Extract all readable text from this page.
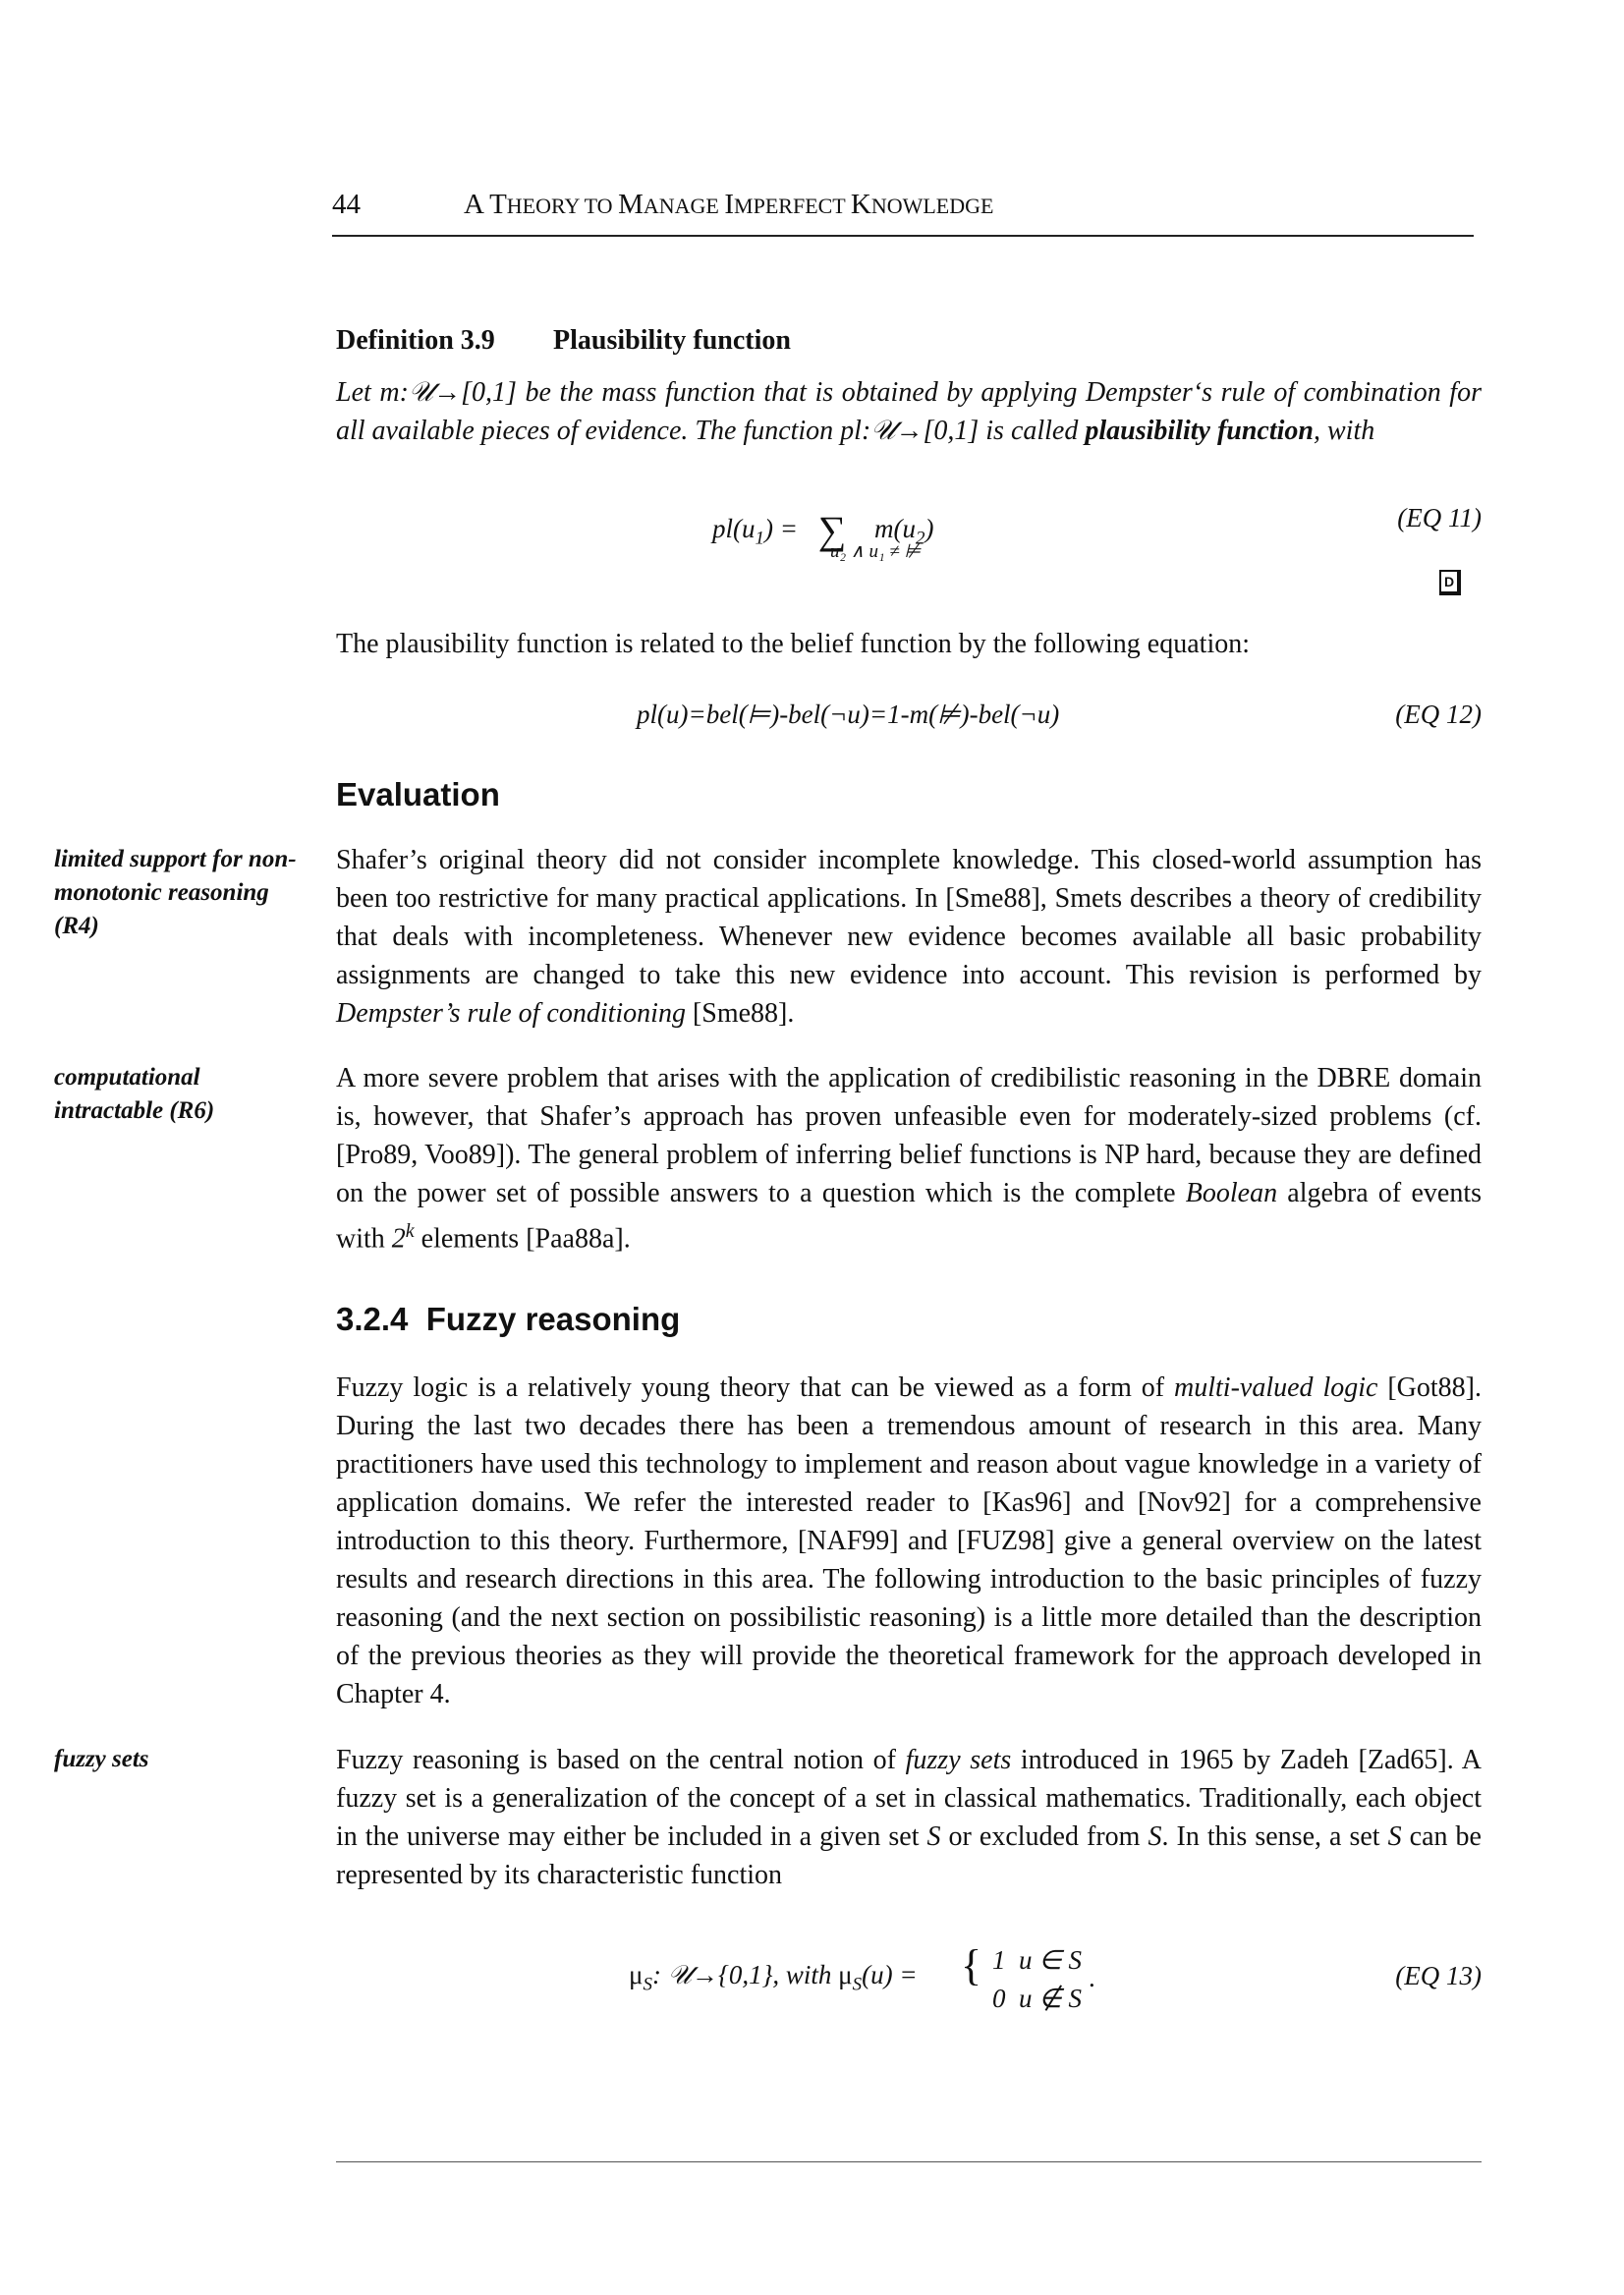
44	A THEORY TO MANAGE IMPERFECT KNOWLEDGE
Definition 3.9 Plausibility function
Let m:𝒰→[0,1] be the mass function that is obtained by applying Dempster‘s rule of combination for all available pieces of evidence. The function pl:𝒰→[0,1] is called plausibility function, with
$pl(u_1)$ = ∑ $m(u_2)$
u₂ ∧ u₁ ≠ ⊭
(EQ 11)
D
The plausibility function is related to the belief function by the following equation:
pl(u)=bel(⊨)-bel(¬u)=1-m(⊭)-bel(¬u)	(EQ 12)
Evaluation
limited support for non-monotonic reasoning (R4)
Shafer’s original theory did not consider incomplete knowledge. This closed-world assumption has been too restrictive for many practical applications. In [Sme88], Smets describes a theory of credibility that deals with incompleteness. Whenever new evidence becomes available all basic probability assignments are changed to take this new evidence into account. This revision is performed by Dempster’s rule of conditioning [Sme88].
computational intractable (R6)
A more severe problem that arises with the application of credibilistic reasoning in the DBRE domain is, however, that Shafer’s approach has proven unfeasible even for moderately-sized problems (cf. [Pro89, Voo89]). The general problem of inferring belief functions is NP hard, because they are defined on the power set of possible answers to a question which is the complete Boolean algebra of events with 2$^k$ elements [Paa88a].
3.2.4  Fuzzy reasoning
Fuzzy logic is a relatively young theory that can be viewed as a form of multi-valued logic [Got88]. During the last two decades there has been a tremendous amount of research in this area. Many practitioners have used this technology to implement and reason about vague knowledge in a variety of application domains. We refer the interested reader to [Kas96] and [Nov92] for a comprehensive introduction to this theory. Furthermore, [NAF99] and [FUZ98] give a general overview on the latest results and research directions in this area. The following introduction to the basic principles of fuzzy reasoning (and the next section on possibilistic reasoning) is a little more detailed than the description of the previous theories as they will provide the theoretical framework for the approach developed in Chapter 4.
fuzzy sets	Fuzzy reasoning is based on the central notion of fuzzy sets introduced in 1965 by Zadeh [Zad65]. A fuzzy set is a generalization of the concept of a set in classical mathematics. Traditionally, each object in the universe may either be included in a given set S or excluded from S. In this sense, a set S can be represented by its characteristic function
$\mu_S$: 𝒰→{0,1}, with $\mu_S(u)$ = { 1  u ∈ S
0  u ∉ S
.	(EQ 13)
